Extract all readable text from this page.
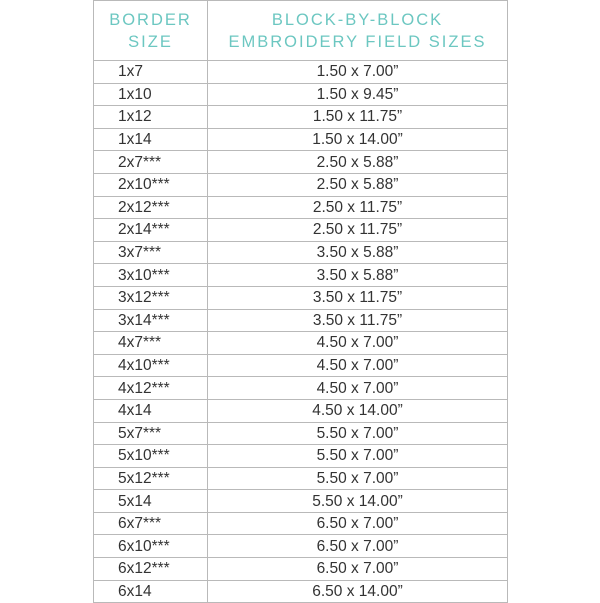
BORDER
SIZE	BLOCK-BY-BLOCK
EMBROIDERY FIELD SIZES

1x7	1.50 x 7.00”
1x10	1.50 x 9.45”
1x12	1.50 x 11.75”
1x14	1.50 x 14.00”
2x7***	2.50 x 5.88”
2x10***	2.50 x 5.88”
2x12***	2.50 x 11.75”
2x14***	2.50 x 11.75”
3x7***	3.50 x 5.88”
3x10***	3.50 x 5.88”
3x12***	3.50 x 11.75”
3x14***	3.50 x 11.75”
4x7***	4.50 x 7.00”
4x10***	4.50 x 7.00”
4x12***	4.50 x 7.00”
4x14	4.50 x 14.00”
5x7***	5.50 x 7.00”
5x10***	5.50 x 7.00”
5x12***	5.50 x 7.00”
5x14	5.50 x 14.00”
6x7***	6.50 x 7.00”
6x10***	6.50 x 7.00”
6x12***	6.50 x 7.00”
6x14	6.50 x 14.00”
